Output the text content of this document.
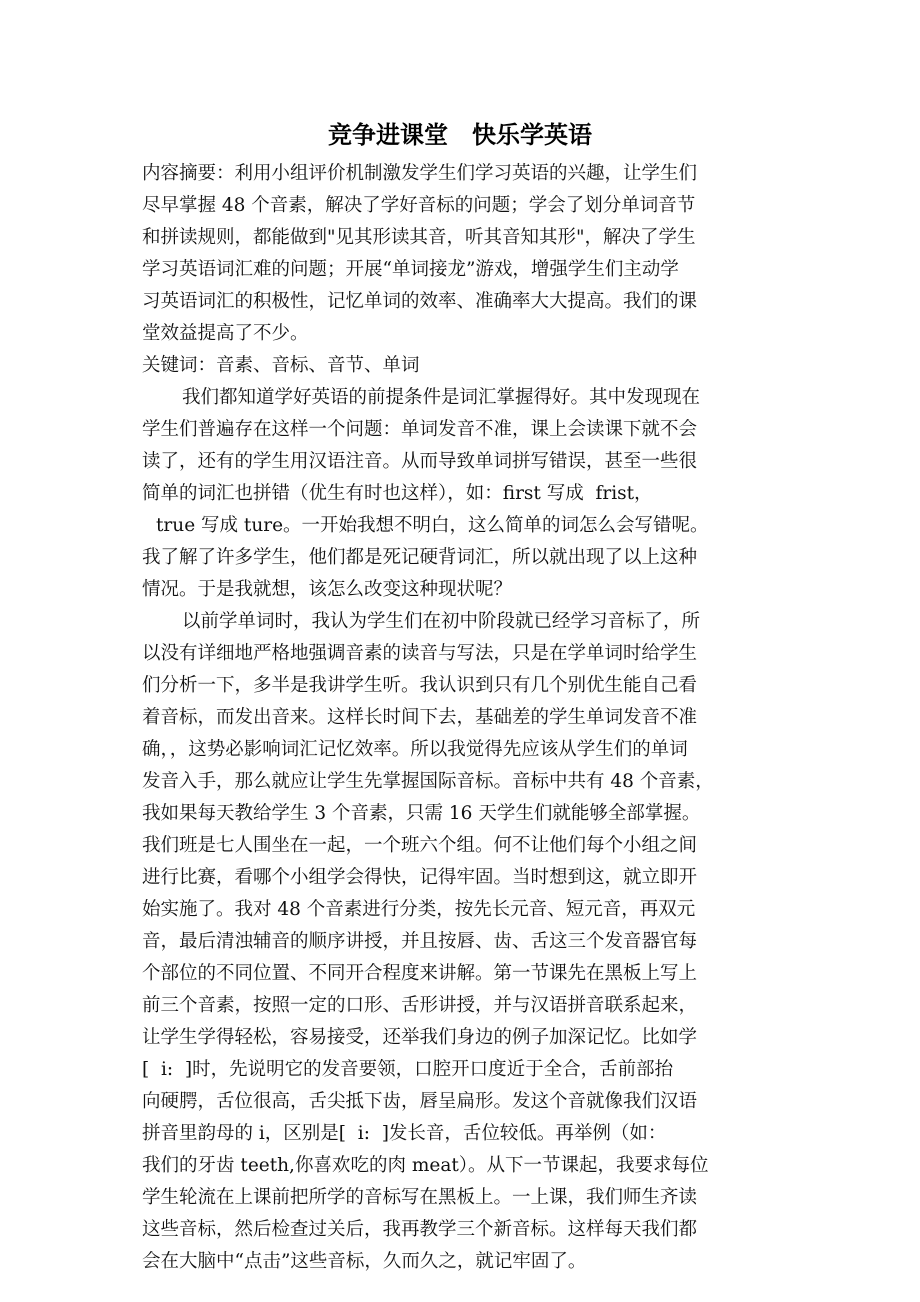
竞争进课堂　快乐学英语
内容摘要：利用小组评价机制激发学生们学习英语的兴趣，让学生们
尽早掌握 48 个音素，解决了学好音标的问题；学会了划分单词音节
和拼读规则，都能做到"见其形读其音，听其音知其形"，解决了学生
学习英语词汇难的问题；开展“单词接龙”游戏，增强学生们主动学
习英语词汇的积极性，记忆单词的效率、准确率大大提高。我们的课
堂效益提高了不少。
关键词：音素、音标、音节、单词
我们都知道学好英语的前提条件是词汇掌握得好。其中发现现在
学生们普遍存在这样一个问题：单词发音不准，课上会读课下就不会
读了，还有的学生用汉语注音。从而导致单词拼写错误，甚至一些很
简单的词汇也拼错（优生有时也这样），如：first 写成  frist，
true 写成 ture。一开始我想不明白，这么简单的词怎么会写错呢。
我了解了许多学生，他们都是死记硬背词汇，所以就出现了以上这种
情况。于是我就想，该怎么改变这种现状呢？
以前学单词时，我认为学生们在初中阶段就已经学习音标了，所
以没有详细地严格地强调音素的读音与写法，只是在学单词时给学生
们分析一下，多半是我讲学生听。我认识到只有几个别优生能自己看
着音标，而发出音来。这样长时间下去，基础差的学生单词发音不准
确，，这势必影响词汇记忆效率。所以我觉得先应该从学生们的单词
发音入手，那么就应让学生先掌握国际音标。音标中共有 48 个音素，
我如果每天教给学生 3 个音素，只需 16 天学生们就能够全部掌握。
我们班是七人围坐在一起，一个班六个组。何不让他们每个小组之间
进行比赛，看哪个小组学会得快，记得牢固。当时想到这，就立即开
始实施了。我对 48 个音素进行分类，按先长元音、短元音，再双元
音，最后清浊辅音的顺序讲授，并且按唇、齿、舌这三个发音器官每
个部位的不同位置、不同开合程度来讲解。第一节课先在黑板上写上
前三个音素，按照一定的口形、舌形讲授，并与汉语拼音联系起来，
让学生学得轻松，容易接受，还举我们身边的例子加深记忆。比如学
[  i:  ]时，先说明它的发音要领，口腔开口度近于全合，舌前部抬
向硬腭，舌位很高，舌尖抵下齿，唇呈扁形。发这个音就像我们汉语
拼音里韵母的 i，区别是[  i:  ]发长音，舌位较低。再举例（如：
我们的牙齿 teeth,你喜欢吃的肉 meat）。从下一节课起，我要求每位
学生轮流在上课前把所学的音标写在黑板上。一上课，我们师生齐读
这些音标，然后检查过关后，我再教学三个新音标。这样每天我们都
会在大脑中“点击”这些音标，久而久之，就记牢固了。
